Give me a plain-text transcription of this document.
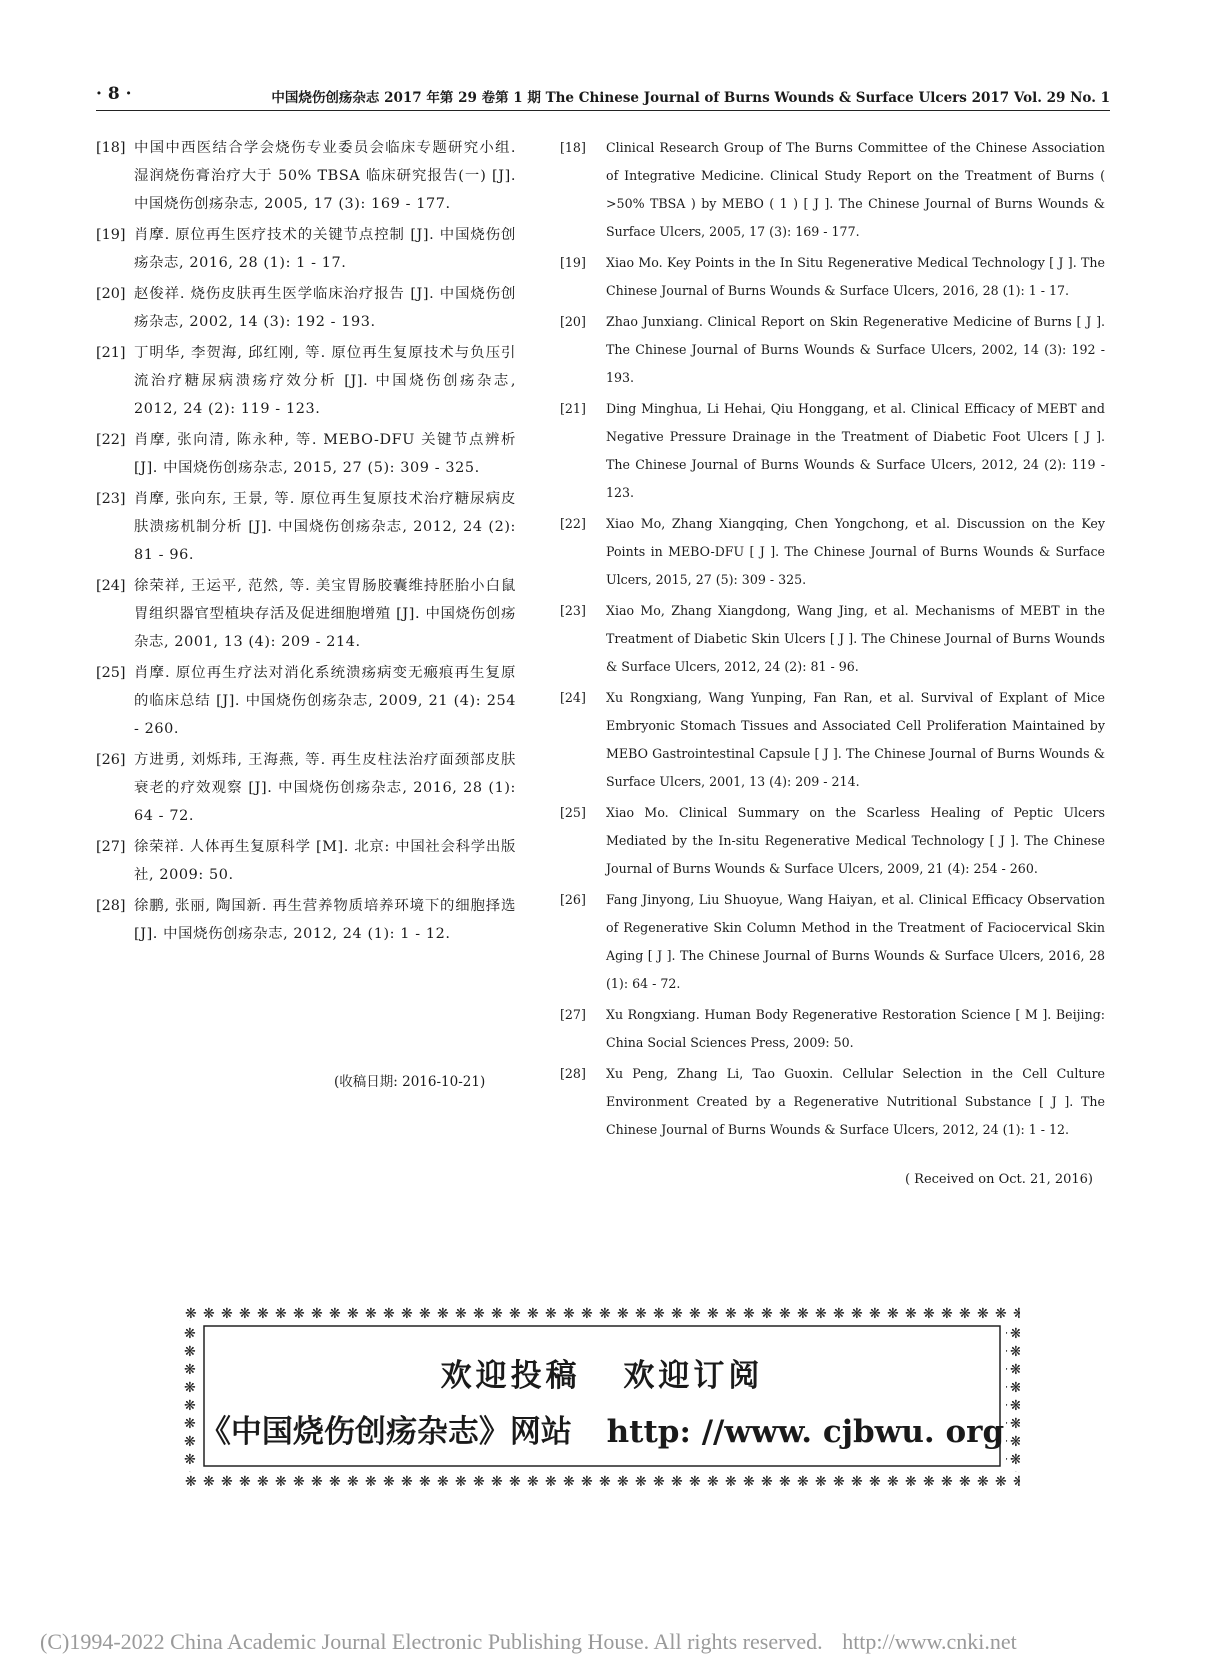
· 8 ·	中国烧伤创疡杂志 2017 年第 29 卷第 1 期 The Chinese Journal of Burns Wounds & Surface Ulcers 2017 Vol. 29 No. 1
[18] 中国中西医结合学会烧伤专业委员会临床专题研究小组. 湿润烧伤膏治疗大于 50% TBSA 临床研究报告(一) [J]. 中国烧伤创疡杂志, 2005, 17 (3): 169 - 177.
[19] 肖摩. 原位再生医疗技术的关键节点控制 [J]. 中国烧伤创疡杂志, 2016, 28 (1): 1 - 17.
[20] 赵俊祥. 烧伤皮肤再生医学临床治疗报告 [J]. 中国烧伤创疡杂志, 2002, 14 (3): 192 - 193.
[21] 丁明华, 李贺海, 邱红刚, 等. 原位再生复原技术与负压引流治疗糖尿病溃疡疗效分析 [J]. 中国烧伤创疡杂志, 2012, 24 (2): 119 - 123.
[22] 肖摩, 张向清, 陈永种, 等. MEBO-DFU 关键节点辨析 [J]. 中国烧伤创疡杂志, 2015, 27 (5): 309 - 325.
[23] 肖摩, 张向东, 王景, 等. 原位再生复原技术治疗糖尿病皮肤溃疡机制分析 [J]. 中国烧伤创疡杂志, 2012, 24 (2): 81 - 96.
[24] 徐荣祥, 王运平, 范然, 等. 美宝胃肠胶囊维持胚胎小白鼠胃组织器官型植块存活及促进细胞增殖 [J]. 中国烧伤创疡杂志, 2001, 13 (4): 209 - 214.
[25] 肖摩. 原位再生疗法对消化系统溃疡病变无瘢痕再生复原的临床总结 [J]. 中国烧伤创疡杂志, 2009, 21 (4): 254 - 260.
[26] 方进勇, 刘烁玮, 王海燕, 等. 再生皮柱法治疗面颈部皮肤衰老的疗效观察 [J]. 中国烧伤创疡杂志, 2016, 28 (1): 64 - 72.
[27] 徐荣祥. 人体再生复原科学 [M]. 北京: 中国社会科学出版社, 2009: 50.
[28] 徐鹏, 张丽, 陶国新. 再生营养物质培养环境下的细胞择选 [J]. 中国烧伤创疡杂志, 2012, 24 (1): 1 - 12.
(收稿日期: 2016-10-21)
[18] Clinical Research Group of The Burns Committee of the Chinese Association of Integrative Medicine. Clinical Study Report on the Treatment of Burns ( >50% TBSA ) by MEBO ( 1 ) [ J ]. The Chinese Journal of Burns Wounds & Surface Ulcers, 2005, 17 (3): 169 - 177.
[19] Xiao Mo. Key Points in the In Situ Regenerative Medical Technology [ J ]. The Chinese Journal of Burns Wounds & Surface Ulcers, 2016, 28 (1): 1 - 17.
[20] Zhao Junxiang. Clinical Report on Skin Regenerative Medicine of Burns [ J ]. The Chinese Journal of Burns Wounds & Surface Ulcers, 2002, 14 (3): 192 - 193.
[21] Ding Minghua, Li Hehai, Qiu Honggang, et al. Clinical Efficacy of MEBT and Negative Pressure Drainage in the Treatment of Diabetic Foot Ulcers [ J ]. The Chinese Journal of Burns Wounds & Surface Ulcers, 2012, 24 (2): 119 - 123.
[22] Xiao Mo, Zhang Xiangqing, Chen Yongchong, et al. Discussion on the Key Points in MEBO-DFU [ J ]. The Chinese Journal of Burns Wounds & Surface Ulcers, 2015, 27 (5): 309 - 325.
[23] Xiao Mo, Zhang Xiangdong, Wang Jing, et al. Mechanisms of MEBT in the Treatment of Diabetic Skin Ulcers [ J ]. The Chinese Journal of Burns Wounds & Surface Ulcers, 2012, 24 (2): 81 - 96.
[24] Xu Rongxiang, Wang Yunping, Fan Ran, et al. Survival of Explant of Mice Embryonic Stomach Tissues and Associated Cell Proliferation Maintained by MEBO Gastrointestinal Capsule [ J ]. The Chinese Journal of Burns Wounds & Surface Ulcers, 2001, 13 (4): 209 - 214.
[25] Xiao Mo. Clinical Summary on the Scarless Healing of Peptic Ulcers Mediated by the In-situ Regenerative Medical Technology [ J ]. The Chinese Journal of Burns Wounds & Surface Ulcers, 2009, 21 (4): 254 - 260.
[26] Fang Jinyong, Liu Shuoyue, Wang Haiyan, et al. Clinical Efficacy Observation of Regenerative Skin Column Method in the Treatment of Faciocervical Skin Aging [ J ]. The Chinese Journal of Burns Wounds & Surface Ulcers, 2016, 28 (1): 64 - 72.
[27] Xu Rongxiang. Human Body Regenerative Restoration Science [ M ]. Beijing: China Social Sciences Press, 2009: 50.
[28] Xu Peng, Zhang Li, Tao Guoxin. Cellular Selection in the Cell Culture Environment Created by a Regenerative Nutritional Substance [ J ]. The Chinese Journal of Burns Wounds & Surface Ulcers, 2012, 24 (1): 1 - 12.
( Received on Oct. 21, 2016)
欢迎投稿 欢迎订阅
《中国烧伤创疡杂志》网站 http: //www. cjbwu. org
(C)1994-2022 China Academic Journal Electronic Publishing House. All rights reserved. http://www.cnki.net
